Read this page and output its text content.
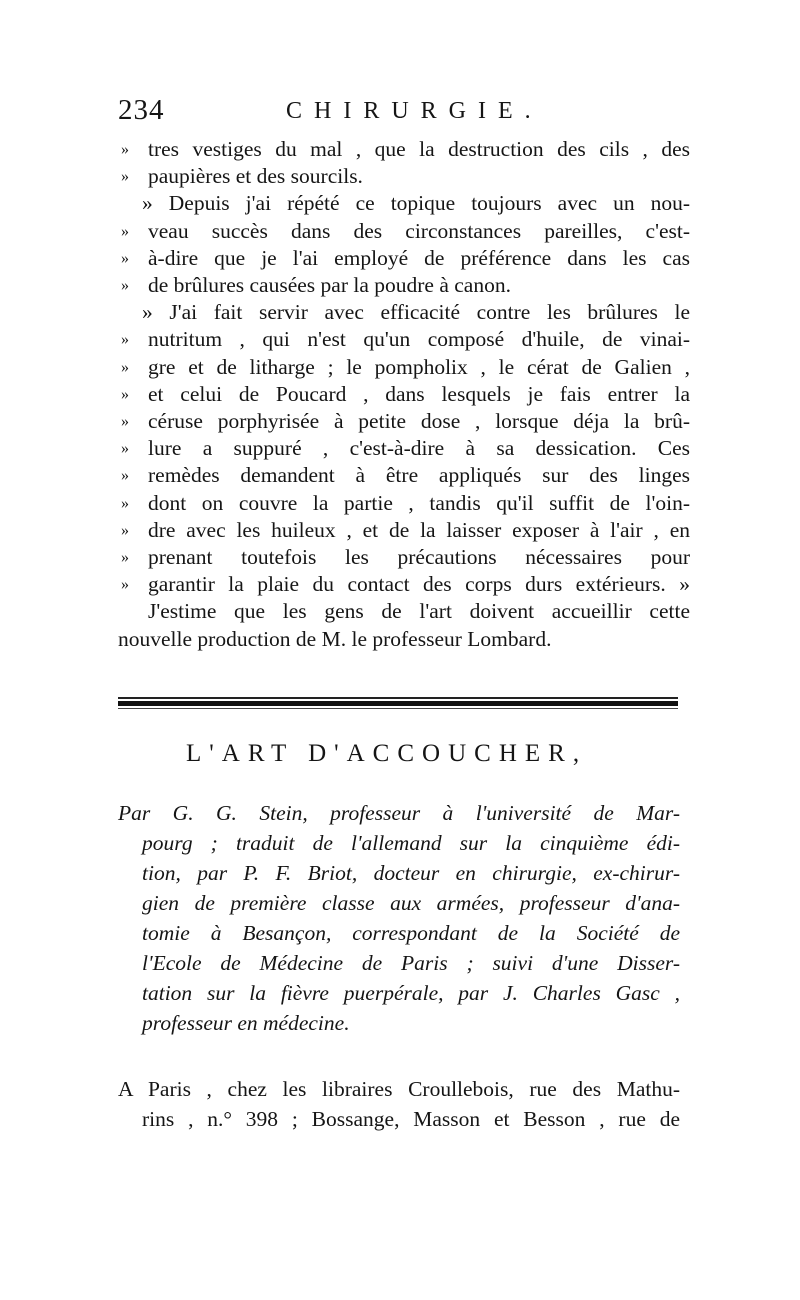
234	CHIRURGIE.
» tres vestiges du mal , que la destruction des cils , des
» paupières et des sourcils.
» Depuis j'ai répété ce topique toujours avec un nou-
» veau succès dans des circonstances pareilles, c'est-
» à-dire que je l'ai employé de préférence dans les cas
» de brûlures causées par la poudre à canon.
» J'ai fait servir avec efficacité contre les brûlures le
» nutritum , qui n'est qu'un composé d'huile, de vinai-
» gre et de litharge ; le pompholix , le cérat de Galien ,
» et celui de Poucard , dans lesquels je fais entrer la
» céruse porphyrisée à petite dose , lorsque déja la brû-
» lure a suppuré , c'est-à-dire à sa dessication. Ces
» remèdes demandent à être appliqués sur des linges
» dont on couvre la partie , tandis qu'il suffit de l'oin-
» dre avec les huileux , et de la laisser exposer à l'air , en
» prenant toutefois les précautions nécessaires pour
» garantir la plaie du contact des corps durs extérieurs. »
J'estime que les gens de l'art doivent accueillir cette
nouvelle production de M. le professeur Lombard.
L'ART D'ACCOUCHER,
Par G. G. Stein, professeur à l'université de Mar-
pourg ; traduit de l'allemand sur la cinquième édi-
tion, par P. F. Briot, docteur en chirurgie, ex-chirur-
gien de première classe aux armées, professeur d'ana-
tomie à Besançon, correspondant de la Société de
l'Ecole de Médecine de Paris ; suivi d'une Disser-
tation sur la fièvre puerpérale, par J. Charles Gasc ,
professeur en médecine.
A Paris , chez les libraires Croullebois, rue des Mathu-
rins , n.° 398 ; Bossange, Masson et Besson , rue de
